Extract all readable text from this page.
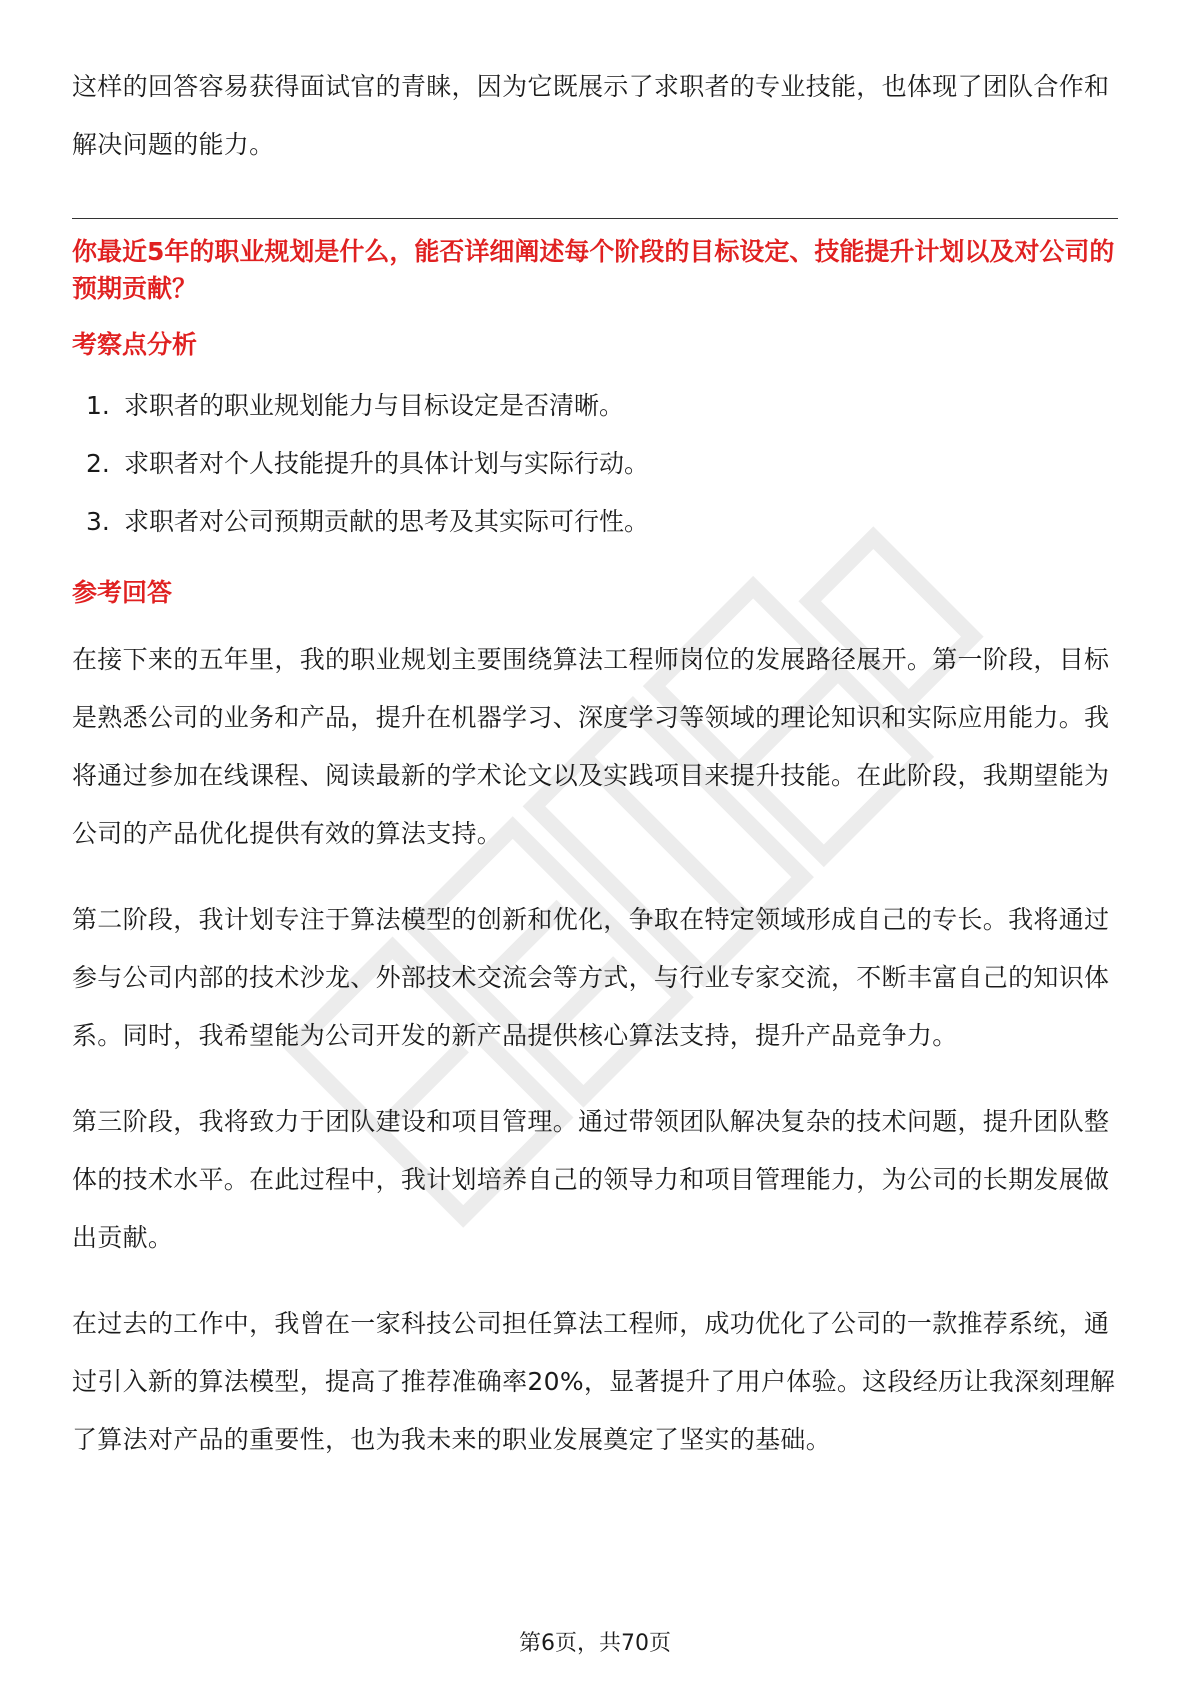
这样的回答容易获得面试官的青睐，因为它既展示了求职者的专业技能，也体现了团队合作和解决问题的能力。

你最近5年的职业规划是什么，能否详细阐述每个阶段的目标设定、技能提升计划以及对公司的预期贡献？

考察点分析
1. 求职者的职业规划能力与目标设定是否清晰。
2. 求职者对个人技能提升的具体计划与实际行动。
3. 求职者对公司预期贡献的思考及其实际可行性。
参考回答

在接下来的五年里，我的职业规划主要围绕算法工程师岗位的发展路径展开。第一阶段，目标是熟悉公司的业务和产品，提升在机器学习、深度学习等领域的理论知识和实际应用能力。我将通过参加在线课程、阅读最新的学术论文以及实践项目来提升技能。在此阶段，我期望能为公司的产品优化提供有效的算法支持。

第二阶段，我计划专注于算法模型的创新和优化，争取在特定领域形成自己的专长。我将通过参与公司内部的技术沙龙、外部技术交流会等方式，与行业专家交流，不断丰富自己的知识体系。同时，我希望能为公司开发的新产品提供核心算法支持，提升产品竞争力。

第三阶段，我将致力于团队建设和项目管理。通过带领团队解决复杂的技术问题，提升团队整体的技术水平。在此过程中，我计划培养自己的领导力和项目管理能力，为公司的长期发展做出贡献。

在过去的工作中，我曾在一家科技公司担任算法工程师，成功优化了公司的一款推荐系统，通过引入新的算法模型，提高了推荐准确率20%，显著提升了用户体验。这段经历让我深刻理解了算法对产品的重要性，也为我未来的职业发展奠定了坚实的基础。

第6页，共70页
